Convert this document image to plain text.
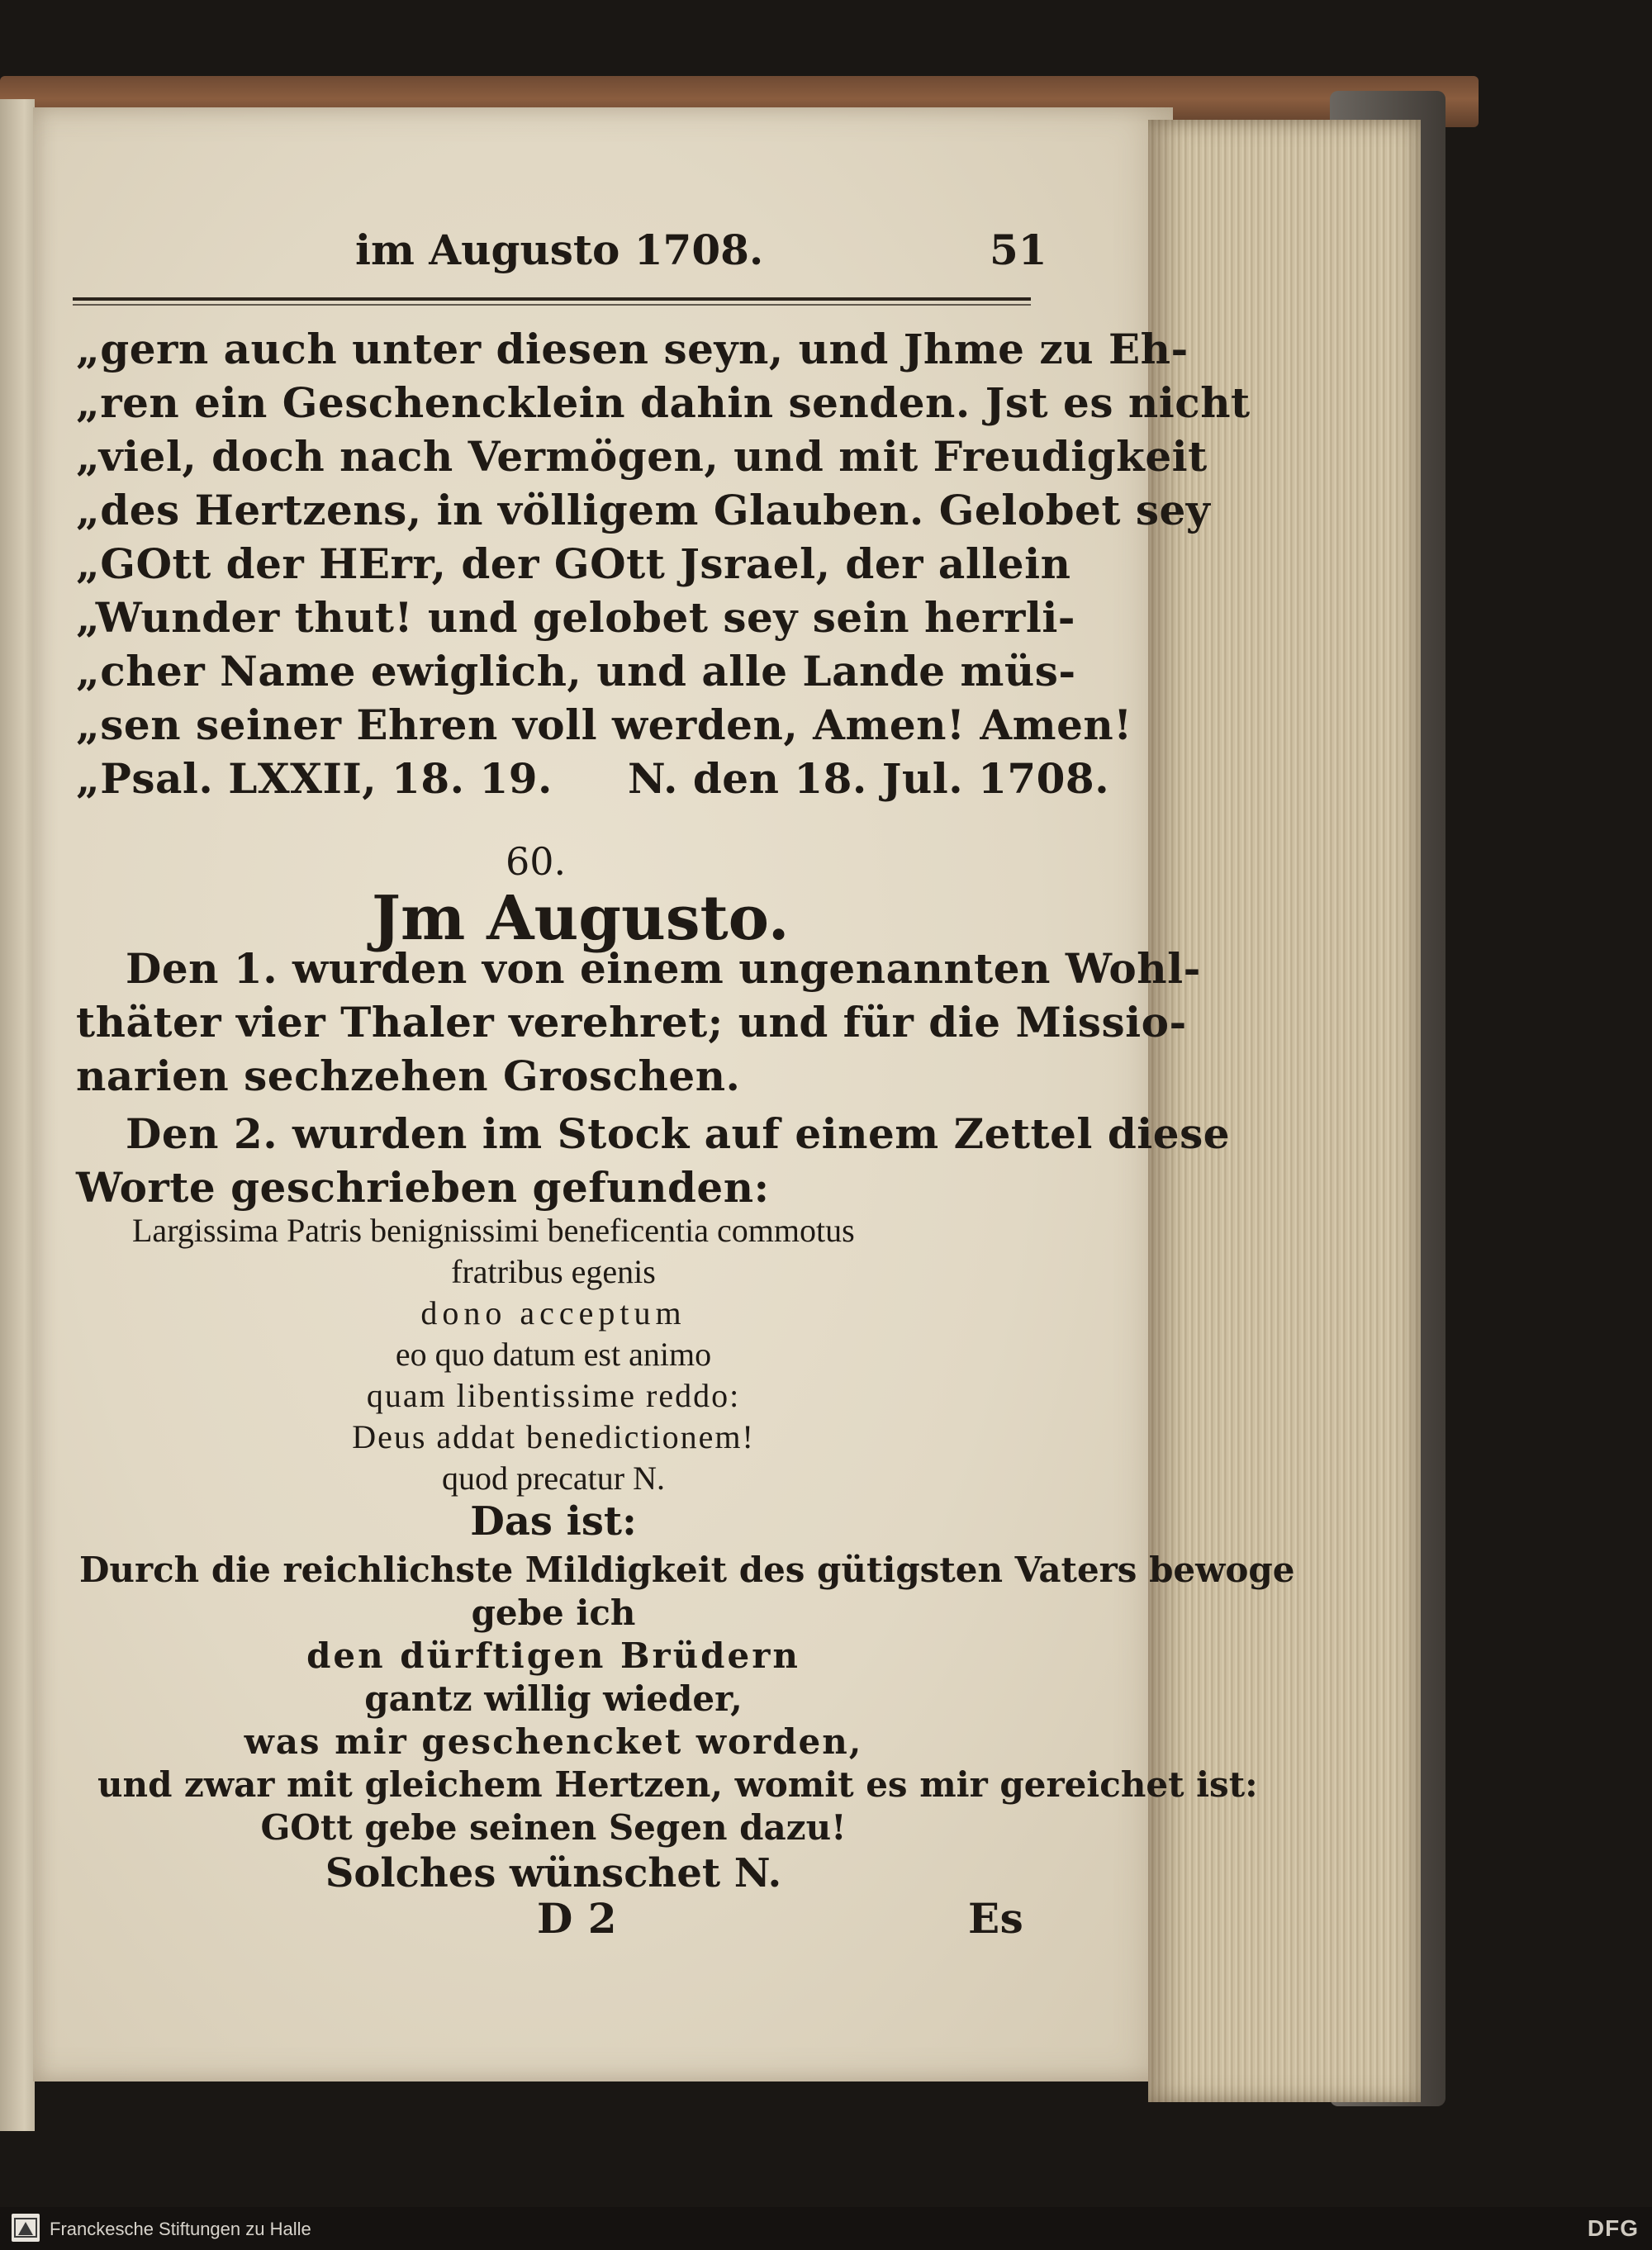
im Augusto 1708.	51
„gern auch unter diesen seyn, und Jhme zu Eh-
„ren ein Geschencklein dahin senden. Jst es nicht
„viel, doch nach Vermögen, und mit Freudigkeit
„des Hertzens, in völligem Glauben. Gelobet sey
„GOtt der HErr, der GOtt Jsrael, der allein
„Wunder thut! und gelobet sey sein herrli-
„cher Name ewiglich, und alle Lande müs-
„sen seiner Ehren voll werden, Amen! Amen!
„Psal. LXXII, 18. 19. N. den 18. Jul. 1708.
60.
Jm Augusto.
Den 1. wurden von einem ungenannten Wohl-
thäter vier Thaler verehret; und für die Missio-
narien sechzehen Groschen.
Den 2. wurden im Stock auf einem Zettel diese
Worte geschrieben gefunden:
Largissima Patris benignissimi beneficentia commotus
fratribus egenis
dono acceptum
eo quo datum est animo
quam libentissime reddo:
Deus addat benedictionem!
quod precatur N.
Das ist:
Durch die reichlichste Mildigkeit des gütigsten Vaters bewoge
gebe ich
den dürftigen Brüdern
gantz willig wieder,
was mir geschencket worden,
und zwar mit gleichem Hertzen, womit es mir gereichet ist:
GOtt gebe seinen Segen dazu!
Solches wünschet N.
D 2	Es
Franckesche Stiftungen zu Halle	DFG
